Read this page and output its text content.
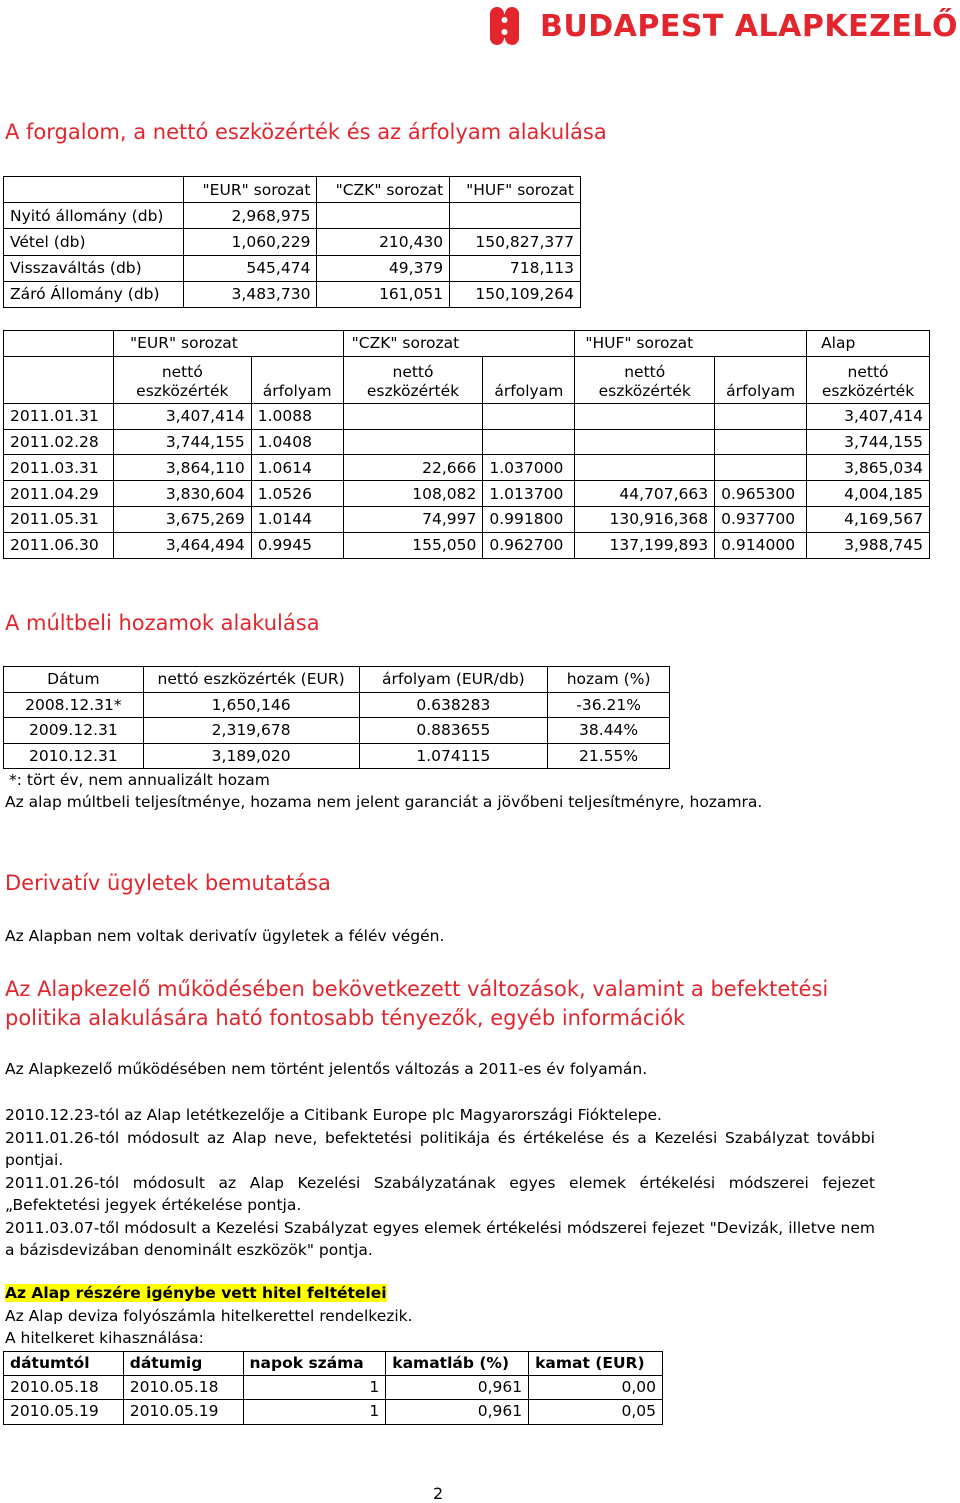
BUDAPEST ALAPKEZELŐ
A forgalom, a nettó eszközérték és az árfolyam alakulása
	"EUR" sorozat	"CZK" sorozat	"HUF" sorozat
Nyitó állomány (db)	2,968,975		
Vétel (db)	1,060,229	210,430	150,827,377
Visszaváltás (db)	545,474	49,379	718,113
Záró Állomány (db)	3,483,730	161,051	150,109,264
	"EUR" sorozat		"CZK" sorozat		"HUF" sorozat		Alap
	nettó eszközérték	árfolyam	nettó eszközérték	árfolyam	nettó eszközérték	árfolyam	nettó eszközérték
2011.01.31	3,407,414	1.0088					3,407,414
2011.02.28	3,744,155	1.0408					3,744,155
2011.03.31	3,864,110	1.0614	22,666	1.037000			3,865,034
2011.04.29	3,830,604	1.0526	108,082	1.013700	44,707,663	0.965300	4,004,185
2011.05.31	3,675,269	1.0144	74,997	0.991800	130,916,368	0.937700	4,169,567
2011.06.30	3,464,494	0.9945	155,050	0.962700	137,199,893	0.914000	3,988,745
A múltbeli hozamok alakulása
Dátum	nettó eszközérték (EUR)	árfolyam (EUR/db)	hozam (%)
2008.12.31*	1,650,146	0.638283	-36.21%
2009.12.31	2,319,678	0.883655	38.44%
2010.12.31	3,189,020	1.074115	21.55%

*: tört év, nem annualizált hozam

Az alap múltbeli teljesítménye, hozama nem jelent garanciát a jövőbeni teljesítményre, hozamra.

Derivatív ügyletek bemutatása

Az Alapban nem voltak derivatív ügyletek a félév végén.

Az Alapkezelő működésében bekövetkezett változások, valamint a befektetési
politika alakulására ható fontosabb tényezők, egyéb információk

Az Alapkezelő működésében nem történt jelentős változás a 2011-es év folyamán.

2010.12.23-tól az Alap letétkezelője a Citibank Europe plc Magyarországi Fióktelepe.

2011.01.26-tól módosult az Alap neve, befektetési politikája és értékelése és a Kezelési Szabályzat további pontjai.

2011.01.26-tól módosult az Alap Kezelési Szabályzatának egyes elemek értékelési módszerei fejezet „Befektetési jegyek értékelése pontja.

2011.03.07-től módosult a Kezelési Szabályzat egyes elemek értékelési módszerei fejezet "Devizák, illetve nem a bázisdevizában denominált eszközök" pontja.

Az Alap részére igénybe vett hitel feltételei

Az Alap deviza folyószámla hitelkerettel rendelkezik.

A hitelkeret kihasználása:

dátumtól	dátumig	napok száma	kamatláb (%)	kamat (EUR)
2010.05.18	2010.05.18	1	0,961	0,00
2010.05.19	2010.05.19	1	0,961	0,05
2
